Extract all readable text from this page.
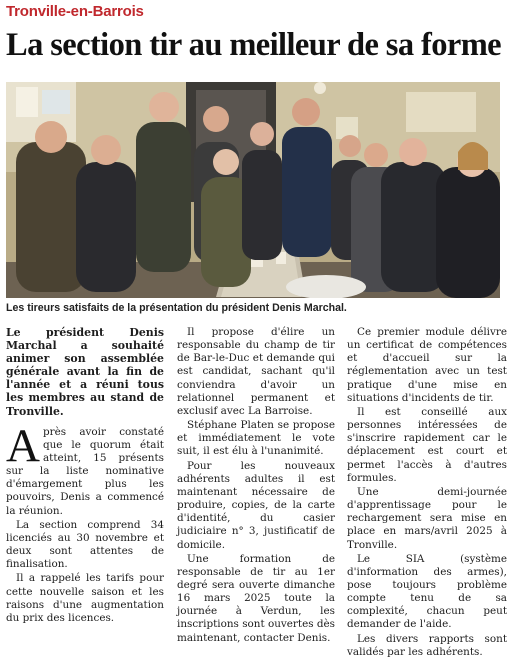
Tronville-en-Barrois
La section tir au meilleur de sa forme
Les tireurs satisfaits de la présentation du président Denis Marchal.

Le président Denis Marchal a souhaité animer son assemblée générale avant la fin de l'année et a réuni tous les membres au stand de Tronville.

A près avoir constaté que le quorum était atteint, 15 présents sur la liste nominative d'émargement plus les pouvoirs, Denis a commencé la réunion.

La section comprend 34 licenciés au 30 novembre et deux sont attentes de finalisation.

Il a rappelé les tarifs pour cette nouvelle saison et les raisons d'une augmentation du prix des licences.

Il propose d'élire un responsable du champ de tir de Bar-le-Duc et demande qui est candidat, sachant qu'il conviendra d'avoir un relationnel permanent et exclusif avec La Barroise.

Stéphane Platen se propose et immédiatement le vote suit, il est élu à l'unanimité.

Pour les nouveaux adhérents adultes il est maintenant nécessaire de produire, copies, de la carte d'identité, du casier judiciaire n° 3, justificatif de domicile.

Une formation de responsable de tir au 1er degré sera ouverte dimanche 16 mars 2025 toute la journée à Verdun, les inscriptions sont ouvertes dès maintenant, contacter Denis.

Ce premier module délivre un certificat de compétences et d'accueil sur la réglementation avec un test pratique d'une mise en situations d'incidents de tir.

Il est conseillé aux personnes intéressées de s'inscrire rapidement car le déplacement est court et permet l'accès à d'autres formules.

Une demi-journée d'apprentissage pour le rechargement sera mise en place en mars/avril 2025 à Tronville.

Le SIA (système d'information des armes), pose toujours problème compte tenu de sa complexité, chacun peut demander de l'aide.

Les divers rapports sont validés par les adhérents.
